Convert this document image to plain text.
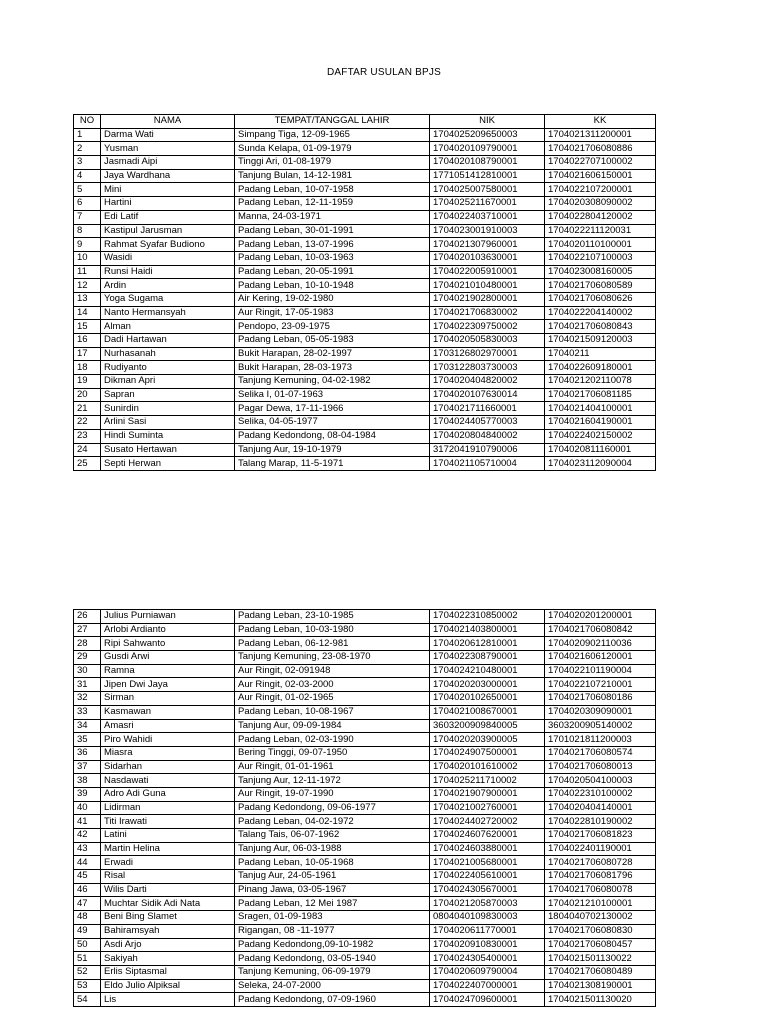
DAFTAR USULAN BPJS
NO	NAMA	TEMPAT/TANGGAL LAHIR	NIK	KK
1	Darma Wati	Simpang Tiga, 12-09-1965	1704025209650003	1704021311200001
2	Yusman	Sunda Kelapa, 01-09-1979	1704020109790001	1704021706080886
3	Jasmadi Aipi	Tinggi Ari, 01-08-1979	1704020108790001	1704022707100002
4	Jaya Wardhana	Tanjung Bulan, 14-12-1981	1771051412810001	1704021606150001
5	Mini	Padang Leban, 10-07-1958	1704025007580001	1704022107200001
6	Hartini	Padang Leban, 12-11-1959	1704025211670001	1704020308090002
7	Edi Latif	Manna, 24-03-1971	1704022403710001	1704022804120002
8	Kastipul Jarusman	Padang Leban, 30-01-1991	1704023001910003	1704022211120031
9	Rahmat Syafar Budiono	Padang Leban, 13-07-1996	1704021307960001	1704020110100001
10	Wasidi	Padang Leban, 10-03-1963	1704020103630001	1704022107100003
11	Runsi Haidi	Padang Leban, 20-05-1991	1704022005910001	1704023008160005
12	Ardin	Padang Leban, 10-10-1948	1704021010480001	1704021706080589
13	Yoga Sugama	Air Kering, 19-02-1980	1704021902800001	1704021706080626
14	Nanto Hermansyah	Aur Ringit, 17-05-1983	1704021706830002	1704022204140002
15	Alman	Pendopo, 23-09-1975	1704022309750002	1704021706080843
16	Dadi Hartawan	Padang Leban, 05-05-1983	1704020505830003	1704021509120003
17	Nurhasanah	Bukit Harapan, 28-02-1997	1703126802970001	17040211
18	Rudiyanto	Bukit Harapan, 28-03-1973	1703122803730003	1704022609180001
19	Dikman Apri	Tanjung Kemuning, 04-02-1982	1704020404820002	1704021202110078
20	Sapran	Selika I, 01-07-1963	1704020107630014	1704021706081185
21	Sunirdin	Pagar Dewa, 17-11-1966	1704021711660001	1704021404100001
22	Arlini Sasi	Selika, 04-05-1977	1704024405770003	1704021604190001
23	Hindi Suminta	Padang Kedondong, 08-04-1984	1704020804840002	1704022402150002
24	Susato Hertawan	Tanjung Aur, 19-10-1979	3172041910790006	1704020811160001
25	Septi Herwan	Talang Marap, 11-5-1971	1704021105710004	1704023112090004
26	Julius Purniawan	Padang Leban, 23-10-1985	1704022310850002	1704020201200001
27	Arlobi Ardianto	Padang Leban, 10-03-1980	1704021403800001	1704021706080842
28	Ripi Sahwanto	Padang Leban, 06-12-981	1704020612810001	1704020902110036
29	Gusdi Arwi	Tanjung Kemuning, 23-08-1970	1704022308790001	1704021606120001
30	Ramna	Aur Ringit, 02-091948	1704024210480001	1704022101190004
31	Jipen Dwi Jaya	Aur Ringit, 02-03-2000	1704020203000001	1704022107210001
32	Sirman	Aur Ringit, 01-02-1965	1704020102650001	1704021706080186
33	Kasmawan	Padang Leban, 10-08-1967	1704021008670001	1704020309090001
34	Amasri	Tanjung Aur, 09-09-1984	3603200909840005	3603200905140002
35	Piro Wahidi	Padang Leban, 02-03-1990	1704020203900005	1701021811200003
36	Miasra	Bering Tinggi, 09-07-1950	1704024907500001	1704021706080574
37	Sidarhan	Aur Ringit, 01-01-1961	1704020101610002	1704021706080013
38	Nasdawati	Tanjung Aur, 12-11-1972	1704025211710002	1704020504100003
39	Adro Adi Guna	Aur Ringit, 19-07-1990	1704021907900001	1704022310100002
40	Lidirman	Padang Kedondong, 09-06-1977	1704021002760001	1704020404140001
41	Titi Irawati	Padang Leban, 04-02-1972	1704024402720002	1704022810190002
42	Latini	Talang Tais, 06-07-1962	1704024607620001	1704021706081823
43	Martin Helina	Tanjung Aur, 06-03-1988	1704024603880001	1704022401190001
44	Erwadi	Padang Leban, 10-05-1968	1704021005680001	1704021706080728
45	Risal	Tanjug Aur, 24-05-1961	1704022405610001	1704021706081796
46	Wilis Darti	Pinang Jawa, 03-05-1967	1704024305670001	1704021706080078
47	Muchtar Sidik Adi Nata	Padang Leban, 12 Mei 1987	1704021205870003	1704021210100001
48	Beni Bing Slamet	Sragen, 01-09-1983	0804040109830003	1804040702130002
49	Bahiramsyah	Rigangan, 08 -11-1977	1704020611770001	1704021706080830
50	Asdi Arjo	Padang Kedondong,09-10-1982	1704020910830001	1704021706080457
51	Sakiyah	Padang Kedondong, 03-05-1940	1704024305400001	1704021501130022
52	Erlis Siptasmal	Tanjung Kemuning, 06-09-1979	1704020609790004	1704021706080489
53	Eldo Julio Alpiksal	Seleka, 24-07-2000	1704022407000001	1704021308190001
54	Lis	Padang Kedondong, 07-09-1960	1704024709600001	1704021501130020
